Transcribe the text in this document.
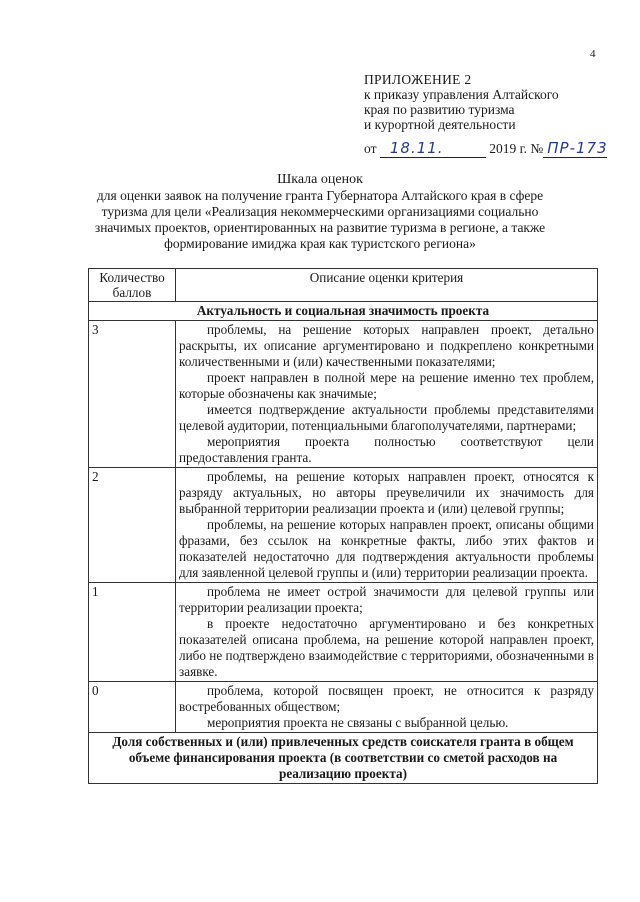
4
ПРИЛОЖЕНИЕ 2
к приказу управления Алтайского
края по развитию туризма
и курортной деятельности
от 18.11.	2019 г. № ПР-173
Шкала оценок
для оценки заявок на получение гранта Губернатора Алтайского края в сфере
туризма для цели «Реализация некоммерческими организациями социально
значимых проектов, ориентированных на развитие туризма в регионе, а также
формирование имиджа края как туристского региона»
Количество баллов	Описание оценки критерия
Актуальность и социальная значимость проекта	
3	проблемы, на решение которых направлен проект, детально раскрыты, их описание аргументировано и подкреплено конкретными количественными и (или) качественными показателями;

проект направлен в полной мере на решение именно тех проблем, которые обозначены как значимые;

имеется подтверждение актуальности проблемы представителями целевой аудитории, потенциальными благополучателями, партнерами;

мероприятия проекта полностью соответствуют цели предоставления гранта.

2	проблемы, на решение которых направлен проект, относятся к разряду актуальных, но авторы преувеличили их значимость для выбранной территории реализации проекта и (или) целевой группы;

проблемы, на решение которых направлен проект, описаны общими фразами, без ссылок на конкретные факты, либо этих фактов и показателей недостаточно для подтверждения актуальности проблемы для заявленной целевой группы и (или) территории реализации проекта.

1	проблема не имеет острой значимости для целевой группы или территории реализации проекта;

в проекте недостаточно аргументировано и без конкретных показателей описана проблема, на решение которой направлен проект, либо не подтверждено взаимодействие с территориями, обозначенными в заявке.

0	проблема, которой посвящен проект, не относится к разряду востребованных обществом;

мероприятия проекта не связаны с выбранной целью.

Доля собственных и (или) привлеченных средств соискателя гранта в общем объеме финансирования проекта (в соответствии со сметой расходов на реализацию проекта)	
